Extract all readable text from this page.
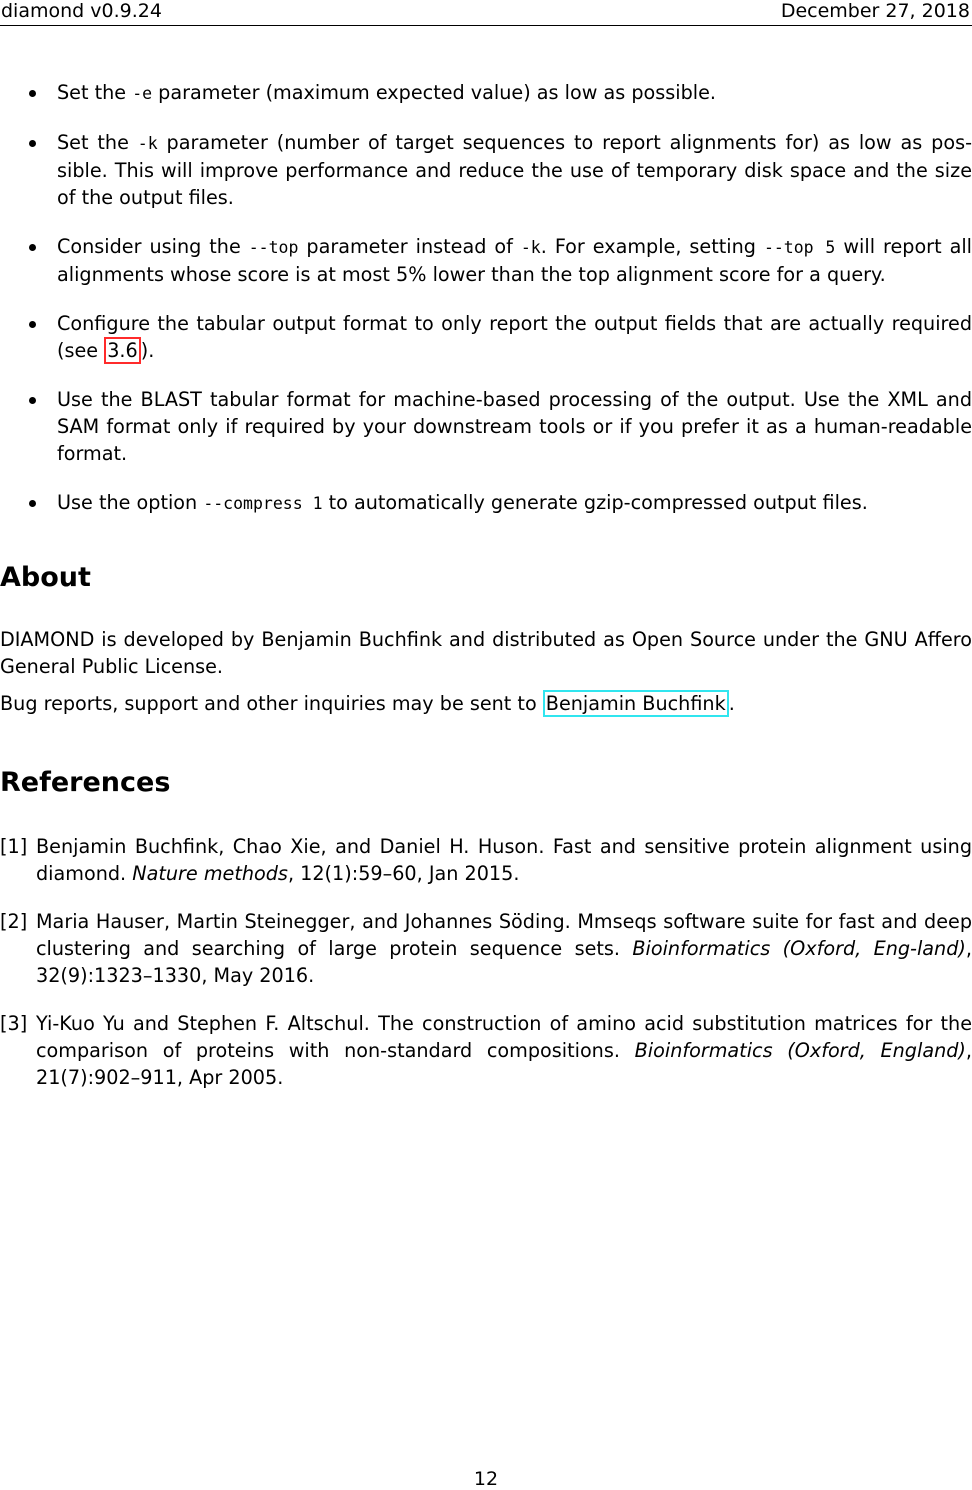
diamond v0.9.24	December 27, 2018
Set the -e parameter (maximum expected value) as low as possible.
Set the -k parameter (number of target sequences to report alignments for) as low as pos-sible. This will improve performance and reduce the use of temporary disk space and the size of the output files.
Consider using the --top parameter instead of -k. For example, setting --top 5 will report all alignments whose score is at most 5% lower than the top alignment score for a query.
Configure the tabular output format to only report the output fields that are actually required (see 3.6 ).
Use the BLAST tabular format for machine-based processing of the output. Use the XML and SAM format only if required by your downstream tools or if you prefer it as a human-readable format.
Use the option --compress 1 to automatically generate gzip-compressed output files.
About

DIAMOND is developed by Benjamin Buchfink and distributed as Open Source under the GNU Affero General Public License.

Bug reports, support and other inquiries may be sent to Benjamin Buchfink .

References
[1] Benjamin Buchfink, Chao Xie, and Daniel H. Huson. Fast and sensitive protein alignment using diamond. Nature methods, 12(1):59–60, Jan 2015.
[2] Maria Hauser, Martin Steinegger, and Johannes Söding. Mmseqs software suite for fast and deep clustering and searching of large protein sequence sets. Bioinformatics (Oxford, Eng-land), 32(9):1323–1330, May 2016.
[3] Yi-Kuo Yu and Stephen F. Altschul. The construction of amino acid substitution matrices for the comparison of proteins with non-standard compositions. Bioinformatics (Oxford, England), 21(7):902–911, Apr 2005.
12
